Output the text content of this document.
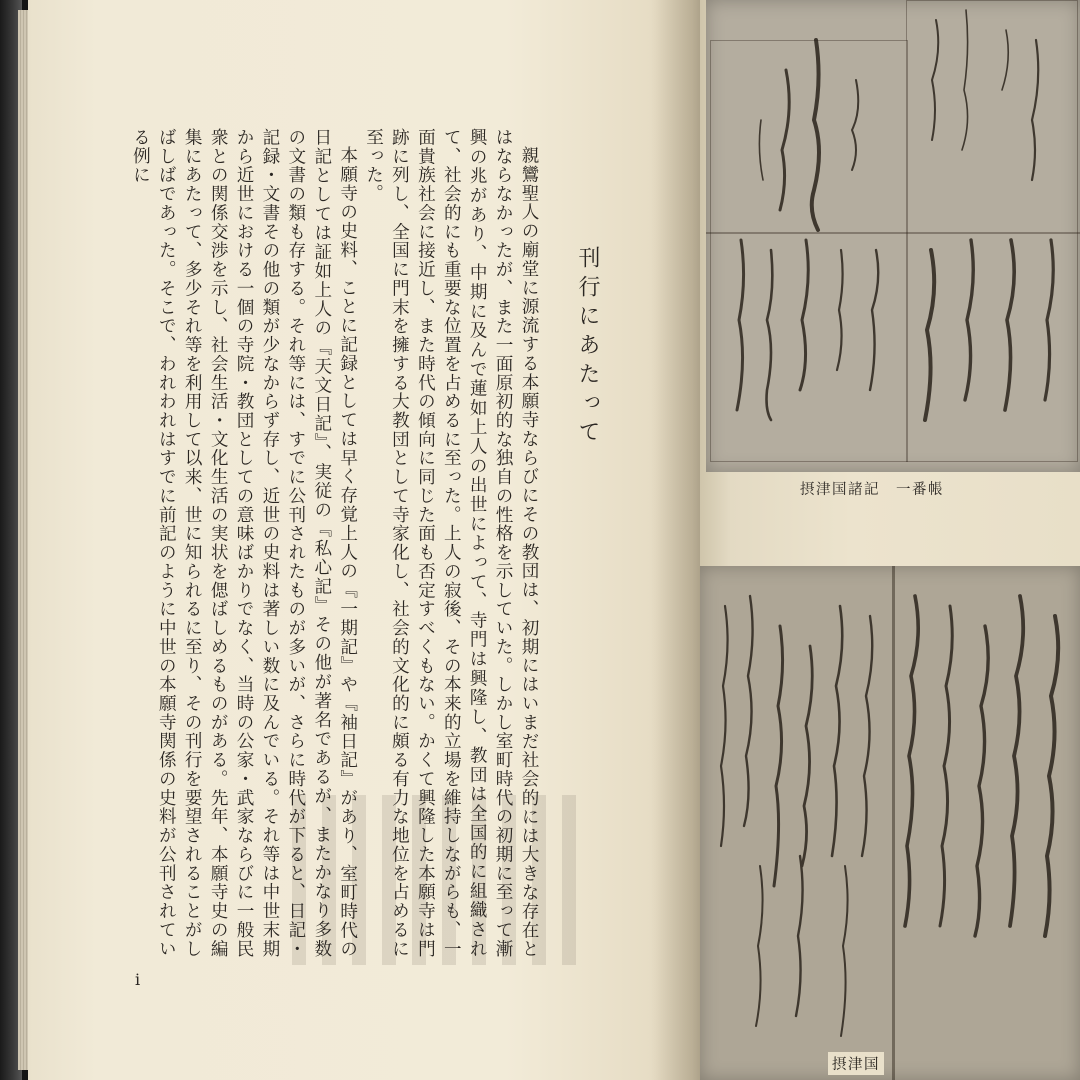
親鸞聖人の廟堂に源流する本願寺ならびにその教団は、初期にはいまだ社会的には大きな存在とはならなかったが、また一面原初的な独自の性格を示していた。しかし室町時代の初期に至って漸興の兆があり、中期に及んで蓮如上人の出世によって、寺門は興隆し、教団は全国的に組織されて、社会的にも重要な位置を占めるに至った。上人の寂後、その本来的立場を維持しながらも、一面貴族社会に接近し、また時代の傾向に同じた面も否定すべくもない。かくて興隆した本願寺は門跡に列し、全国に門末を擁する大教団として寺家化し、社会的文化的に頗る有力な地位を占めるに至った。

本願寺の史料、ことに記録としては早く存覚上人の『一期記』や『袖日記』があり、室町時代の日記としては証如上人の『天文日記』、実従の『私心記』その他が著名であるが、またかなり多数の文書の類も存する。それ等には、すでに公刊されたものが多いが、さらに時代が下ると、日記・記録・文書その他の類が少なからず存し、近世の史料は著しい数に及んでいる。それ等は中世末期から近世における一個の寺院・教団としての意味ばかりでなく、当時の公家・武家ならびに一般民衆との関係交渉を示し、社会生活・文化生活の実状を偲ばしめるものがある。先年、本願寺史の編集にあたって、多少それ等を利用して以来、世に知られるに至り、その刊行を要望されることがしばしばであった。そこで、われわれはすでに前記のように中世の本願寺関係の史料が公刊されている例に

刊行にあたって
i
摂津国諸記　一番帳
摂津国
